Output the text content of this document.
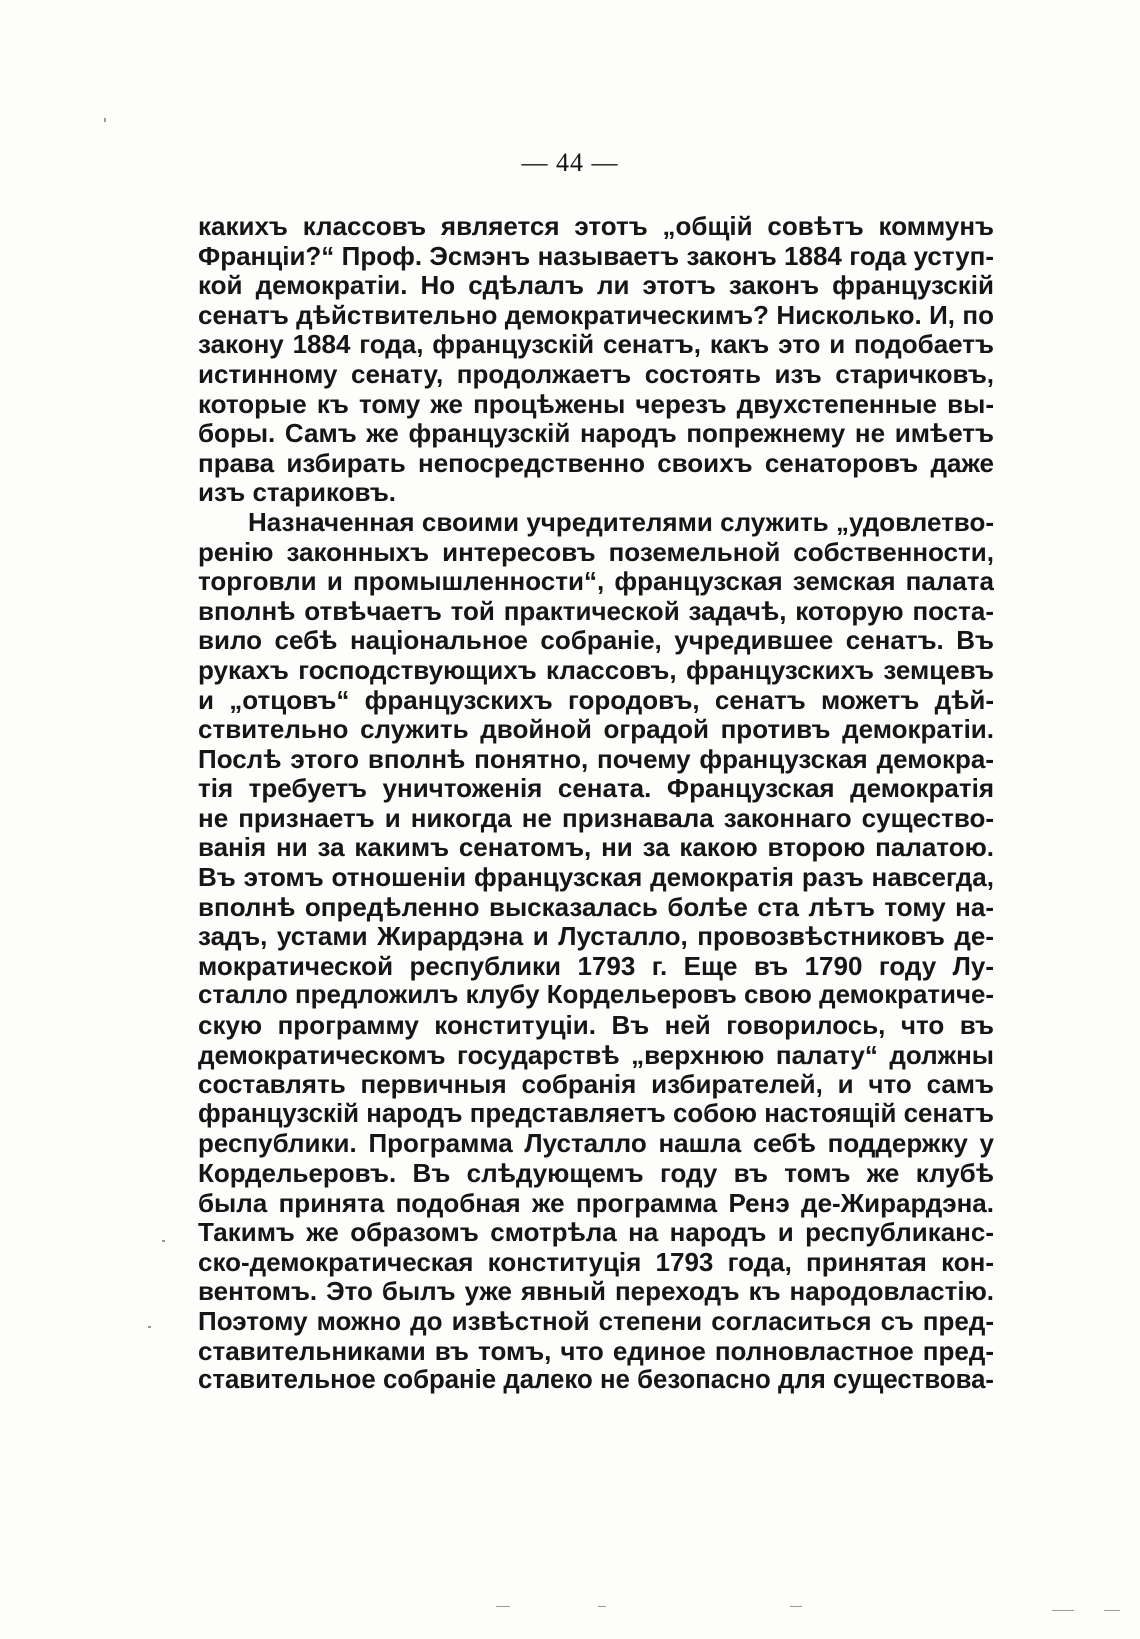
— 44 —
какихъ классовъ является этотъ „общій совѣтъ коммунъ
Франціи?“ Проф. Эсмэнъ называетъ законъ 1884 года уступ-
кой демократіи. Но сдѣлалъ ли этотъ законъ французскій
сенатъ дѣйствительно демократическимъ? Нисколько. И, по
закону 1884 года, французскій сенатъ, какъ это и подобаетъ
истинному сенату, продолжаетъ состоять изъ старичковъ,
которые къ тому же процѣжены черезъ двухстепенные вы-
боры. Самъ же французскій народъ попрежнему не имѣетъ
права избирать непосредственно своихъ сенаторовъ даже
изъ стариковъ.
Назначенная своими учредителями служить „удовлетво-
ренію законныхъ интересовъ поземельной собственности,
торговли и промышленности“, французская земская палата
вполнѣ отвѣчаетъ той практической задачѣ, которую поста-
вило себѣ національное собраніе, учредившее сенатъ. Въ
рукахъ господствующихъ классовъ, французскихъ земцевъ
и „отцовъ“ французскихъ городовъ, сенатъ можетъ дѣй-
ствительно служить двойной оградой противъ демократіи.
Послѣ этого вполнѣ понятно, почему французская демокра-
тія требуетъ уничтоженія сената. Французская демократія
не признаетъ и никогда не признавала законнаго существо-
ванія ни за какимъ сенатомъ, ни за какою второю палатою.
Въ этомъ отношеніи французская демократія разъ навсегда,
вполнѣ опредѣленно высказалась болѣе ста лѣтъ тому на-
задъ, устами Жирардэна и Лусталло, провозвѣстниковъ де-
мократической республики 1793 г. Еще въ 1790 году Лу-
сталло предложилъ клубу Кордельеровъ свою демократиче-
скую программу конституціи. Въ ней говорилось, что въ
демократическомъ государствѣ „верхнюю палату“ должны
составлять первичныя собранія избирателей, и что самъ
французскій народъ представляетъ собою настоящій сенатъ
республики. Программа Лусталло нашла себѣ поддержку у
Кордельеровъ. Въ слѣдующемъ году въ томъ же клубѣ
была принята подобная же программа Ренэ де-Жирардэна.
Такимъ же образомъ смотрѣла на народъ и республиканс-
ско-демократическая конституція 1793 года, принятая кон-
вентомъ. Это былъ уже явный переходъ къ народовластію.
Поэтому можно до извѣстной степени согласиться съ пред-
ставительниками въ томъ, что единое полновластное пред-
ставительное собраніе далеко не безопасно для существова-
